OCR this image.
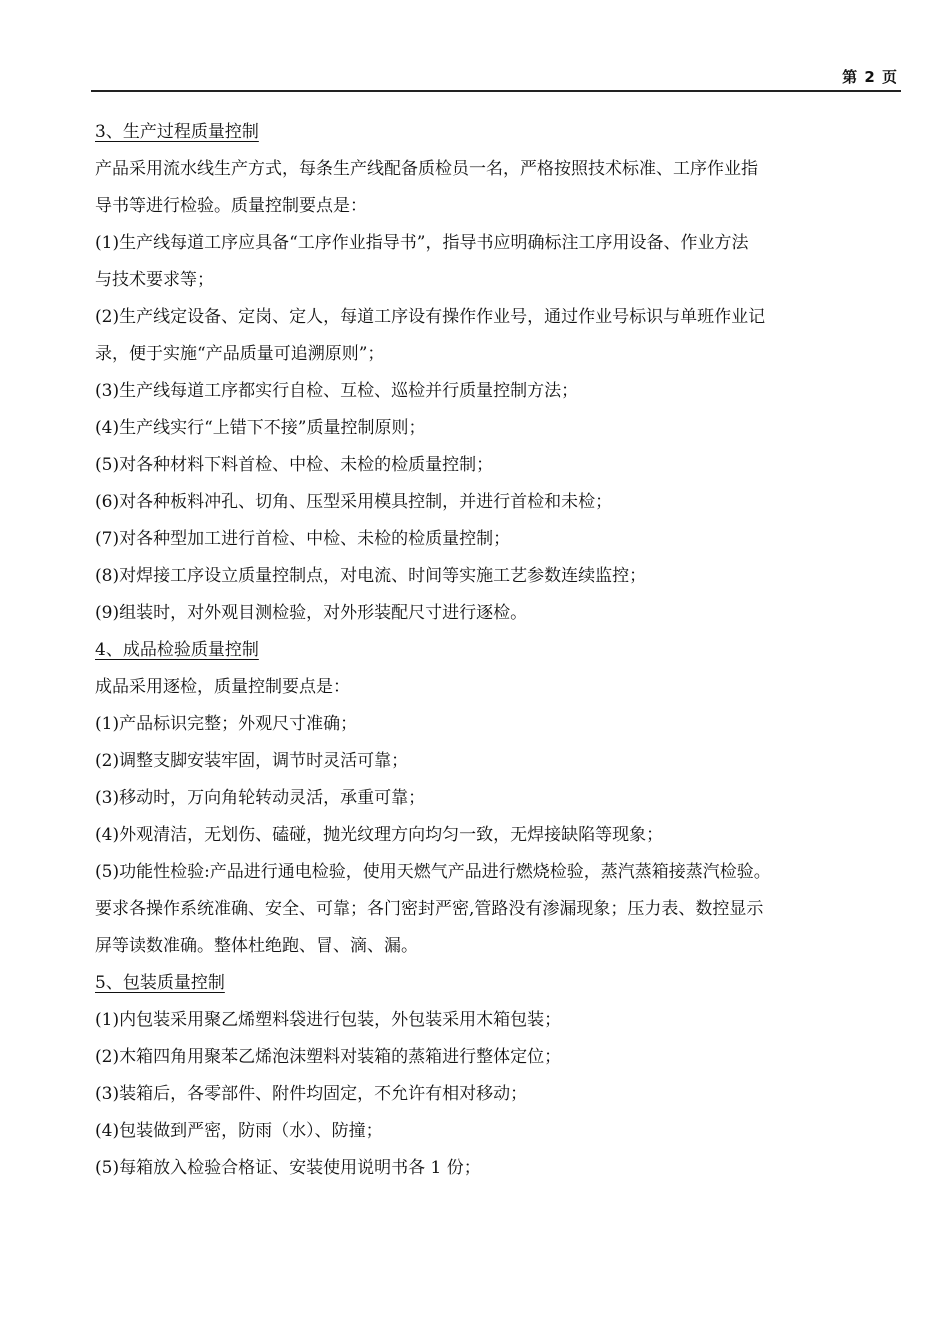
第 2 页
3、生产过程质量控制
产品采用流水线生产方式，每条生产线配备质检员一名，严格按照技术标准、工序作业指
导书等进行检验。质量控制要点是：
(1)生产线每道工序应具备“工序作业指导书”，指导书应明确标注工序用设备、作业方法
与技术要求等；
(2)生产线定设备、定岗、定人，每道工序设有操作作业号，通过作业号标识与单班作业记
录，便于实施“产品质量可追溯原则”；
(3)生产线每道工序都实行自检、互检、巡检并行质量控制方法；
(4)生产线实行“上错下不接”质量控制原则；
(5)对各种材料下料首检、中检、未检的检质量控制；
(6)对各种板料冲孔、切角、压型采用模具控制，并进行首检和未检；
(7)对各种型加工进行首检、中检、未检的检质量控制；
(8)对焊接工序设立质量控制点，对电流、时间等实施工艺参数连续监控；
(9)组装时，对外观目测检验，对外形装配尺寸进行逐检。
4、成品检验质量控制
成品采用逐检，质量控制要点是：
(1)产品标识完整；外观尺寸准确；
(2)调整支脚安装牢固，调节时灵活可靠；
(3)移动时，万向角轮转动灵活，承重可靠；
(4)外观清洁，无划伤、磕碰，抛光纹理方向均匀一致，无焊接缺陷等现象；
(5)功能性检验:产品进行通电检验，使用天燃气产品进行燃烧检验，蒸汽蒸箱接蒸汽检验。
要求各操作系统准确、安全、可靠；各门密封严密,管路没有渗漏现象；压力表、数控显示
屏等读数准确。整体杜绝跑、冒、滴、漏。
5、包装质量控制
(1)内包装采用聚乙烯塑料袋进行包装，外包装采用木箱包装；
(2)木箱四角用聚苯乙烯泡沫塑料对装箱的蒸箱进行整体定位；
(3)装箱后，各零部件、附件均固定，不允许有相对移动；
(4)包装做到严密，防雨（水）、防撞；
(5)每箱放入检验合格证、安装使用说明书各 1 份；
